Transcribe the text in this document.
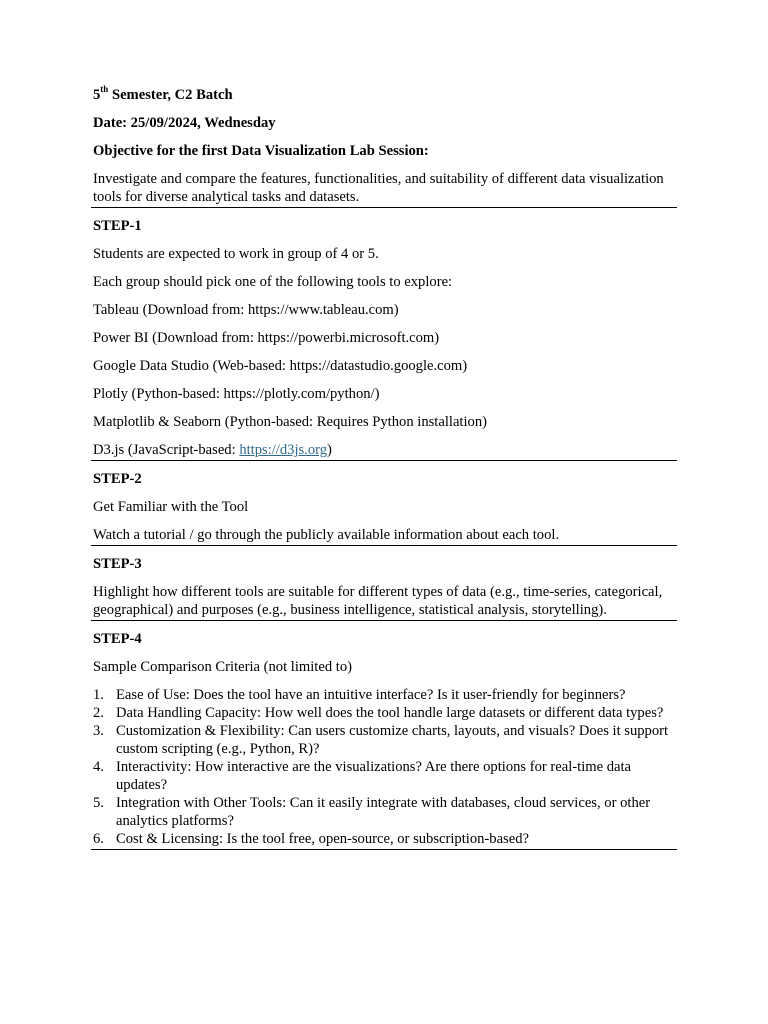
5th Semester, C2 Batch

Date: 25/09/2024, Wednesday

Objective for the first Data Visualization Lab Session:

Investigate and compare the features, functionalities, and suitability of different data visualization tools for diverse analytical tasks and datasets.

STEP-1

Students are expected to work in group of 4 or 5.

Each group should pick one of the following tools to explore:

Tableau (Download from: https://www.tableau.com)

Power BI (Download from: https://powerbi.microsoft.com)

Google Data Studio (Web-based: https://datastudio.google.com)

Plotly (Python-based: https://plotly.com/python/)

Matplotlib & Seaborn (Python-based: Requires Python installation)

D3.js (JavaScript-based: https://d3js.org)

STEP-2

Get Familiar with the Tool

Watch a tutorial / go through the publicly available information about each tool.

STEP-3

Highlight how different tools are suitable for different types of data (e.g., time-series, categorical, geographical) and purposes (e.g., business intelligence, statistical analysis, storytelling).

STEP-4

Sample Comparison Criteria (not limited to)

1. Ease of Use: Does the tool have an intuitive interface? Is it user-friendly for beginners?
2. Data Handling Capacity: How well does the tool handle large datasets or different data types?
3. Customization & Flexibility: Can users customize charts, layouts, and visuals? Does it support custom scripting (e.g., Python, R)?
4. Interactivity: How interactive are the visualizations? Are there options for real-time data updates?
5. Integration with Other Tools: Can it easily integrate with databases, cloud services, or other analytics platforms?
6. Cost & Licensing: Is the tool free, open-source, or subscription-based?
